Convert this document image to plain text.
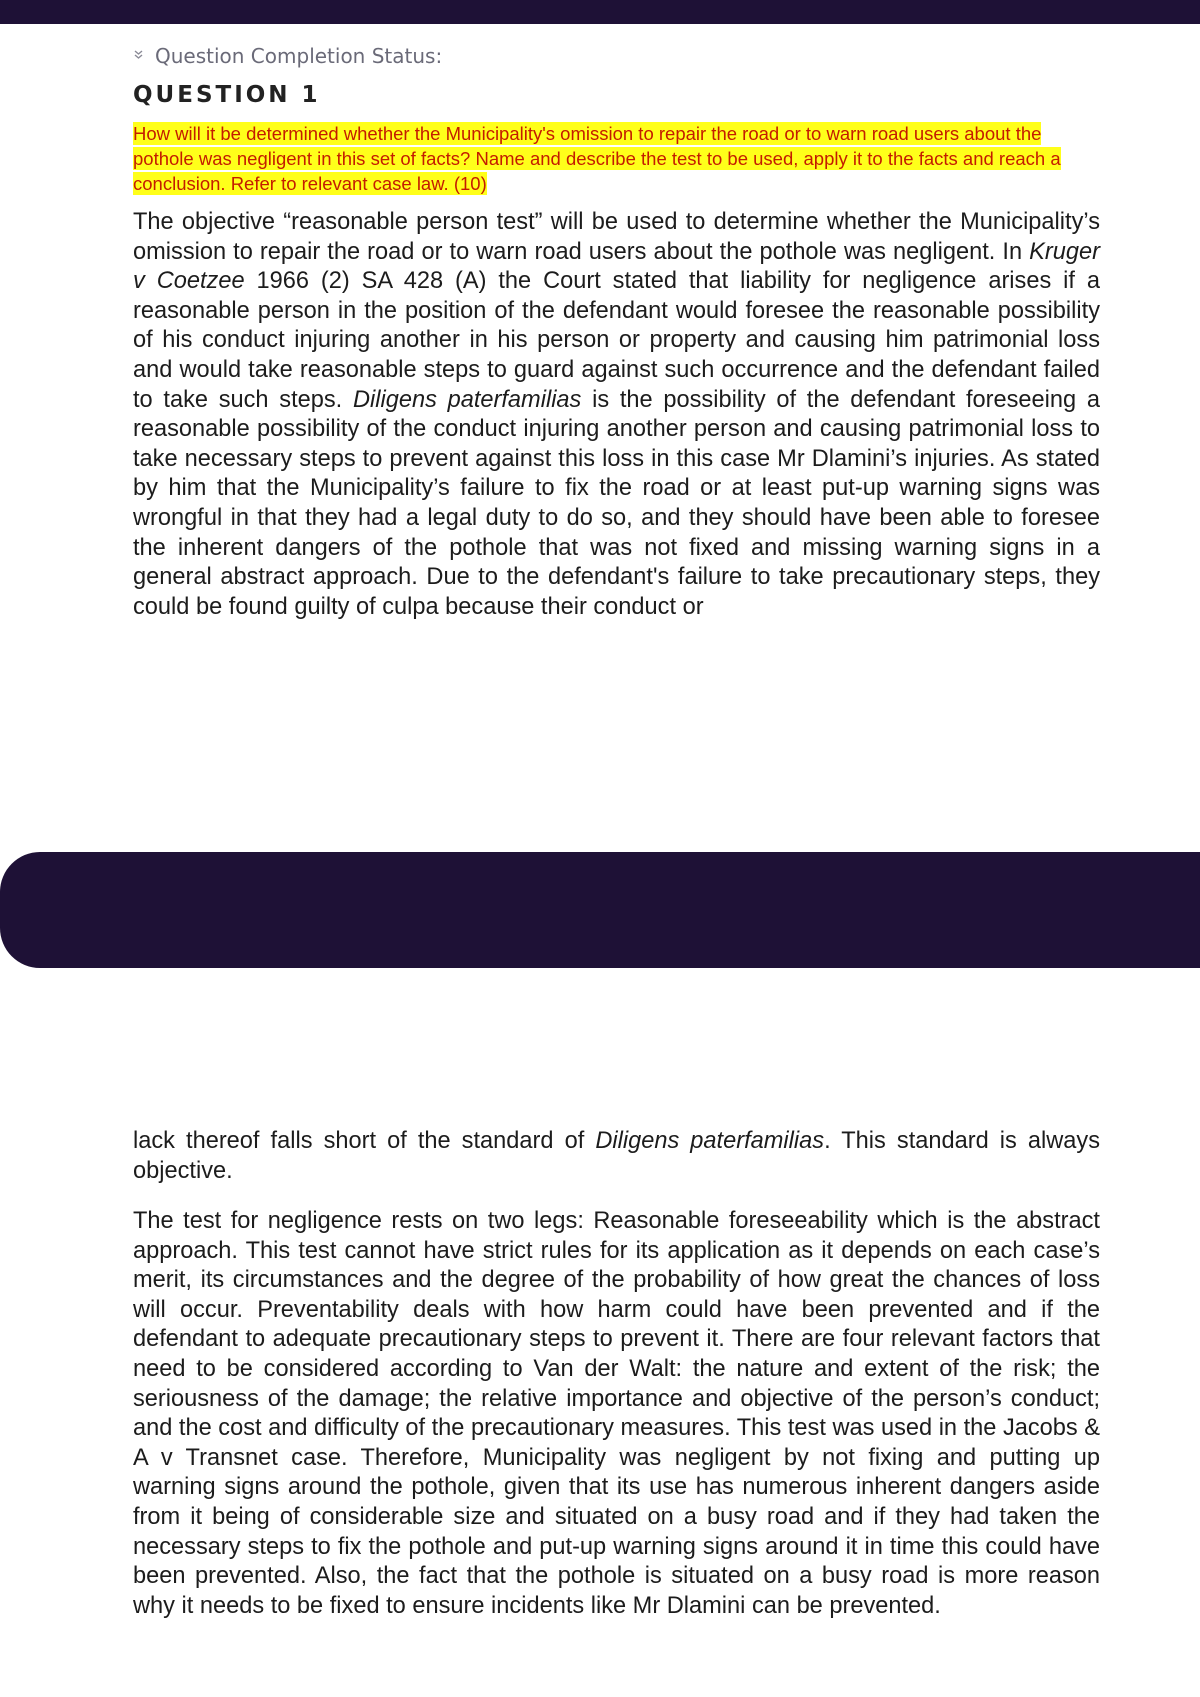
Question Completion Status:
QUESTION 1
How will it be determined whether the Municipality's omission to repair the road or to warn road users about the pothole was negligent in this set of facts? Name and describe the test to be used, apply it to the facts and reach a conclusion. Refer to relevant case law. (10)

The objective “reasonable person test” will be used to determine whether the Municipality’s omission to repair the road or to warn road users about the pothole was negligent. In Kruger v Coetzee 1966 (2) SA 428 (A) the Court stated that liability for negligence arises if a reasonable person in the position of the defendant would foresee the reasonable possibility of his conduct injuring another in his person or property and causing him patrimonial loss and would take reasonable steps to guard against such occurrence and the defendant failed to take such steps. Diligens paterfamilias is the possibility of the defendant foreseeing a reasonable possibility of the conduct injuring another person and causing patrimonial loss to take necessary steps to prevent against this loss in this case Mr Dlamini’s injuries. As stated by him that the Municipality’s failure to fix the road or at least put-up warning signs was wrongful in that they had a legal duty to do so, and they should have been able to foresee the inherent dangers of the pothole that was not fixed and missing warning signs in a general abstract approach. Due to the defendant's failure to take precautionary steps, they could be found guilty of culpa because their conduct or

lack thereof falls short of the standard of Diligens paterfamilias. This standard is always objective.

The test for negligence rests on two legs: Reasonable foreseeability which is the abstract approach. This test cannot have strict rules for its application as it depends on each case’s merit, its circumstances and the degree of the probability of how great the chances of loss will occur. Preventability deals with how harm could have been prevented and if the defendant to adequate precautionary steps to prevent it. There are four relevant factors that need to be considered according to Van der Walt: the nature and extent of the risk; the seriousness of the damage; the relative importance and objective of the person’s conduct; and the cost and difficulty of the precautionary measures. This test was used in the Jacobs & A v Transnet case. Therefore, Municipality was negligent by not fixing and putting up warning signs around the pothole, given that its use has numerous inherent dangers aside from it being of considerable size and situated on a busy road and if they had taken the necessary steps to fix the pothole and put-up warning signs around it in time this could have been prevented. Also, the fact that the pothole is situated on a busy road is more reason why it needs to be fixed to ensure incidents like Mr Dlamini can be prevented.
